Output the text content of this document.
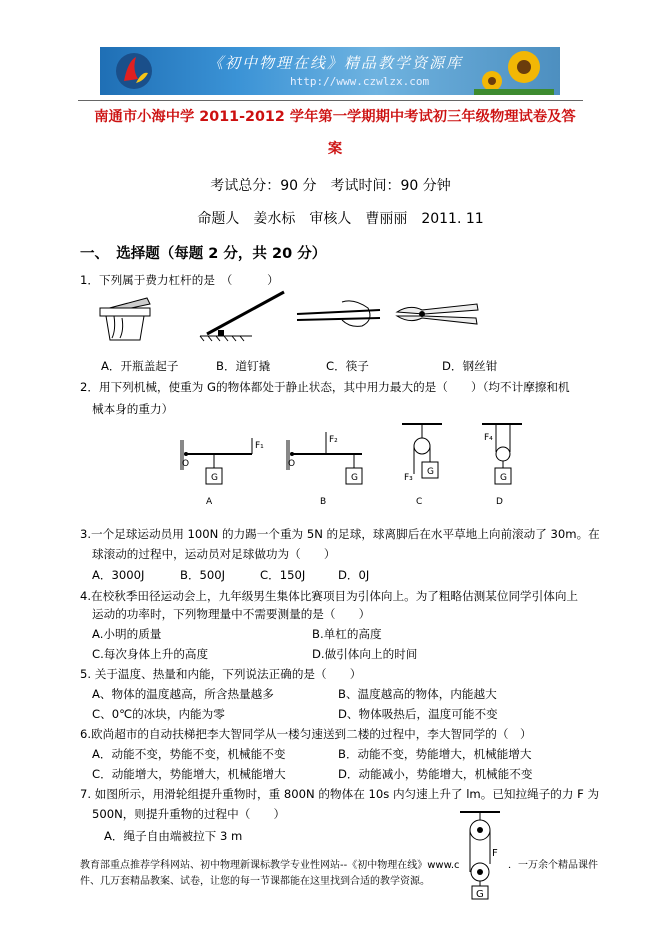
《初中物理在线》精品教学资源库
http://www.czwlzx.com
南通市小海中学 2011-2012 学年第一学期期中考试初三年级物理试卷及答
案
考试总分：90 分　考试时间：90 分钟
命题人　姜水标　审核人　曹丽丽　2011. 11
一、　选择题（每题 2 分，共 20 分）
1．下列属于费力杠杆的是　（　　　）
A．开瓶盖起子	B．道钉撬	C．筷子	D．钢丝钳
2．用下列机械，使重为 G的物体都处于静止状态，其中用力最大的是（　　）（均不计摩擦和机
械本身的重力）
O
F₁
G
A
O
F₂
G
B
F₃
G
C
F₄
G
D
3.一个足球运动员用 100N 的力踢一个重为 5N 的足球，球离脚后在水平草地上向前滚动了 30m。在
球滚动的过程中，运动员对足球做功为（　　）
A．3000J	B．500J	C．150J	D．0J
4.在校秋季田径运动会上，九年级男生集体比赛项目为引体向上。为了粗略估测某位同学引体向上
运动的功率时，下列物理量中不需要测量的是（　　）
A.小明的质量	B.单杠的高度
C.每次身体上升的高度	D.做引体向上的时间
5. 关于温度、热量和内能，下列说法正确的是（　　）
A、物体的温度越高，所含热量越多	B、温度越高的物体，内能越大
C、0℃的冰块，内能为零	D、物体吸热后，温度可能不变
6.欧尚超市的自动扶梯把李大智同学从一楼匀速送到二楼的过程中，李大智同学的（　）
A．动能不变，势能不变，机械能不变	B．动能不变，势能增大，机械能增大
C．动能增大，势能增大，机械能增大	D．动能减小，势能增大，机械能不变
7. 如图所示，用滑轮组提升重物时，重 800N 的物体在 10s 内匀速上升了 lm。已知拉绳子的力 F 为
500N，则提升重物的过程中（　　）
A．绳子自由端被拉下 3 m
F
G
教育部重点推荐学科网站、初中物理新课标教学专业性网站--《初中物理在线》www.c	．一万余个精品课件
件、几万套精品教案、试卷，让您的每一节课都能在这里找到合适的教学资源。
